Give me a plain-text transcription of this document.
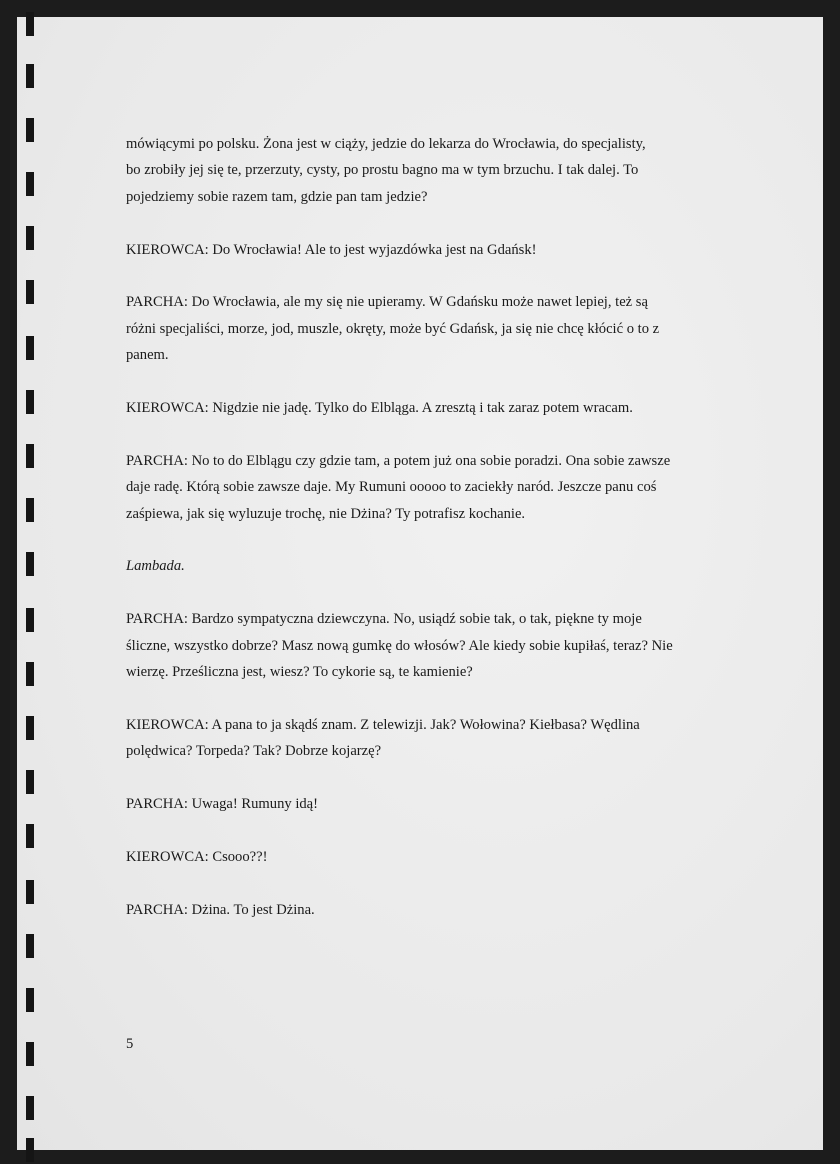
mówiącymi po polsku. Żona jest w ciąży, jedzie do lekarza do Wrocławia, do specjalisty,
bo zrobiły jej się te, przerzuty, cysty, po prostu bagno ma w tym brzuchu. I tak dalej. To
pojedziemy sobie razem tam, gdzie pan tam jedzie?

KIEROWCA: Do Wrocławia! Ale to jest wyjazdówka jest na Gdańsk!

PARCHA: Do Wrocławia, ale my się nie upieramy. W Gdańsku może nawet lepiej, też są
różni specjaliści, morze, jod, muszle, okręty, może być Gdańsk, ja się nie chcę kłócić o to z
panem.

KIEROWCA: Nigdzie nie jadę. Tylko do Elbląga. A zresztą i tak zaraz potem wracam.

PARCHA: No to do Elblągu czy gdzie tam, a potem już ona sobie poradzi. Ona sobie zawsze
daje radę. Którą sobie zawsze daje. My Rumuni ooooo to zaciekły naród. Jeszcze panu coś
zaśpiewa, jak się wyluzuje trochę, nie Dżina? Ty potrafisz kochanie.

Lambada.

PARCHA: Bardzo sympatyczna dziewczyna. No, usiądź sobie tak, o tak, piękne ty moje
śliczne, wszystko dobrze? Masz nową gumkę do włosów? Ale kiedy sobie kupiłaś, teraz? Nie
wierzę. Prześliczna jest, wiesz? To cykorie są, te kamienie?

KIEROWCA: A pana to ja skądś znam. Z telewizji. Jak? Wołowina? Kiełbasa? Wędlina
polędwica? Torpeda? Tak? Dobrze kojarzę?

PARCHA: Uwaga! Rumuny idą!

KIEROWCA: Csooo??!

PARCHA: Dżina. To jest Dżina.

5
